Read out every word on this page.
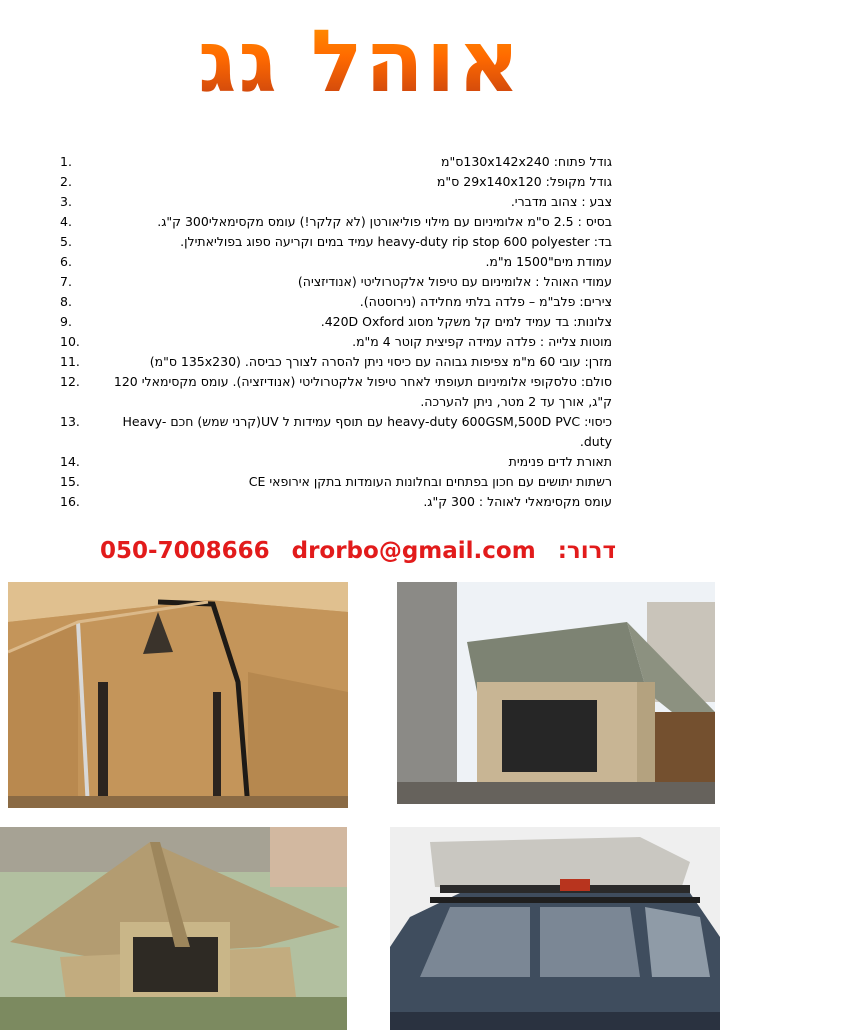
אוהל גג
גודל פתוח: 130x142x240ס"מ
1.
גודל מקופל: 29x140x120 ס"מ
2.
צבע : צהוב מדברי.
3.
בסיס : 2.5 ס"מ אלומיניום עם מילוי פוליאורטן (לא קלקר!) עומס מקסימאלי300 ק"ג.
4.
בד: heavy-duty rip stop 600 polyester עמיד במים וקריעה ספוג בפוליאתילן.
5.
עמודת מים"1500 מ"מ.
6.
עמודי האוהל : אלומיניום עם טיפול אלקטרוליטי (אנודיזציה)
7.
צירים: פלב"מ – פלדה בלתי מחלידה (נירוסטה).
8.
צלונות: בד עמיד למים קל משקל מסוג 420D Oxford.
9.
מוטות צלייה : פלדה עמידה קפיצית קוטר 4 מ"מ.
10.
מזרן: עובי 60 מ"מ צפיפות גבוהה עם כיסוי ניתן להסרה לצורך כביסה. (135x230 ס"מ)
11.
סולם: טלסקופי אלומיניום תעופתי לאחר טיפול אלקטרוליטי (אנודיזציה). עומס מקסימאלי 120 ק"ג, אורך עד 2 מטר, ניתן להערכה.
12.
כיסוי: heavy-duty 600GSM,500D PVC עם תוסף עמידות ל UV(קרני שמש) חכם Heavy-duty.
13.
תאורת לדים פנימית
14.
רשתות יתושים עם חכון בפתחים ובחלונות העומדות בתקן אירופאי CE
15.
עומס מקסימאלי לאוהל : 300 ק"ג.
16.
דרור:050-7008666 drorbo@gmail.com
